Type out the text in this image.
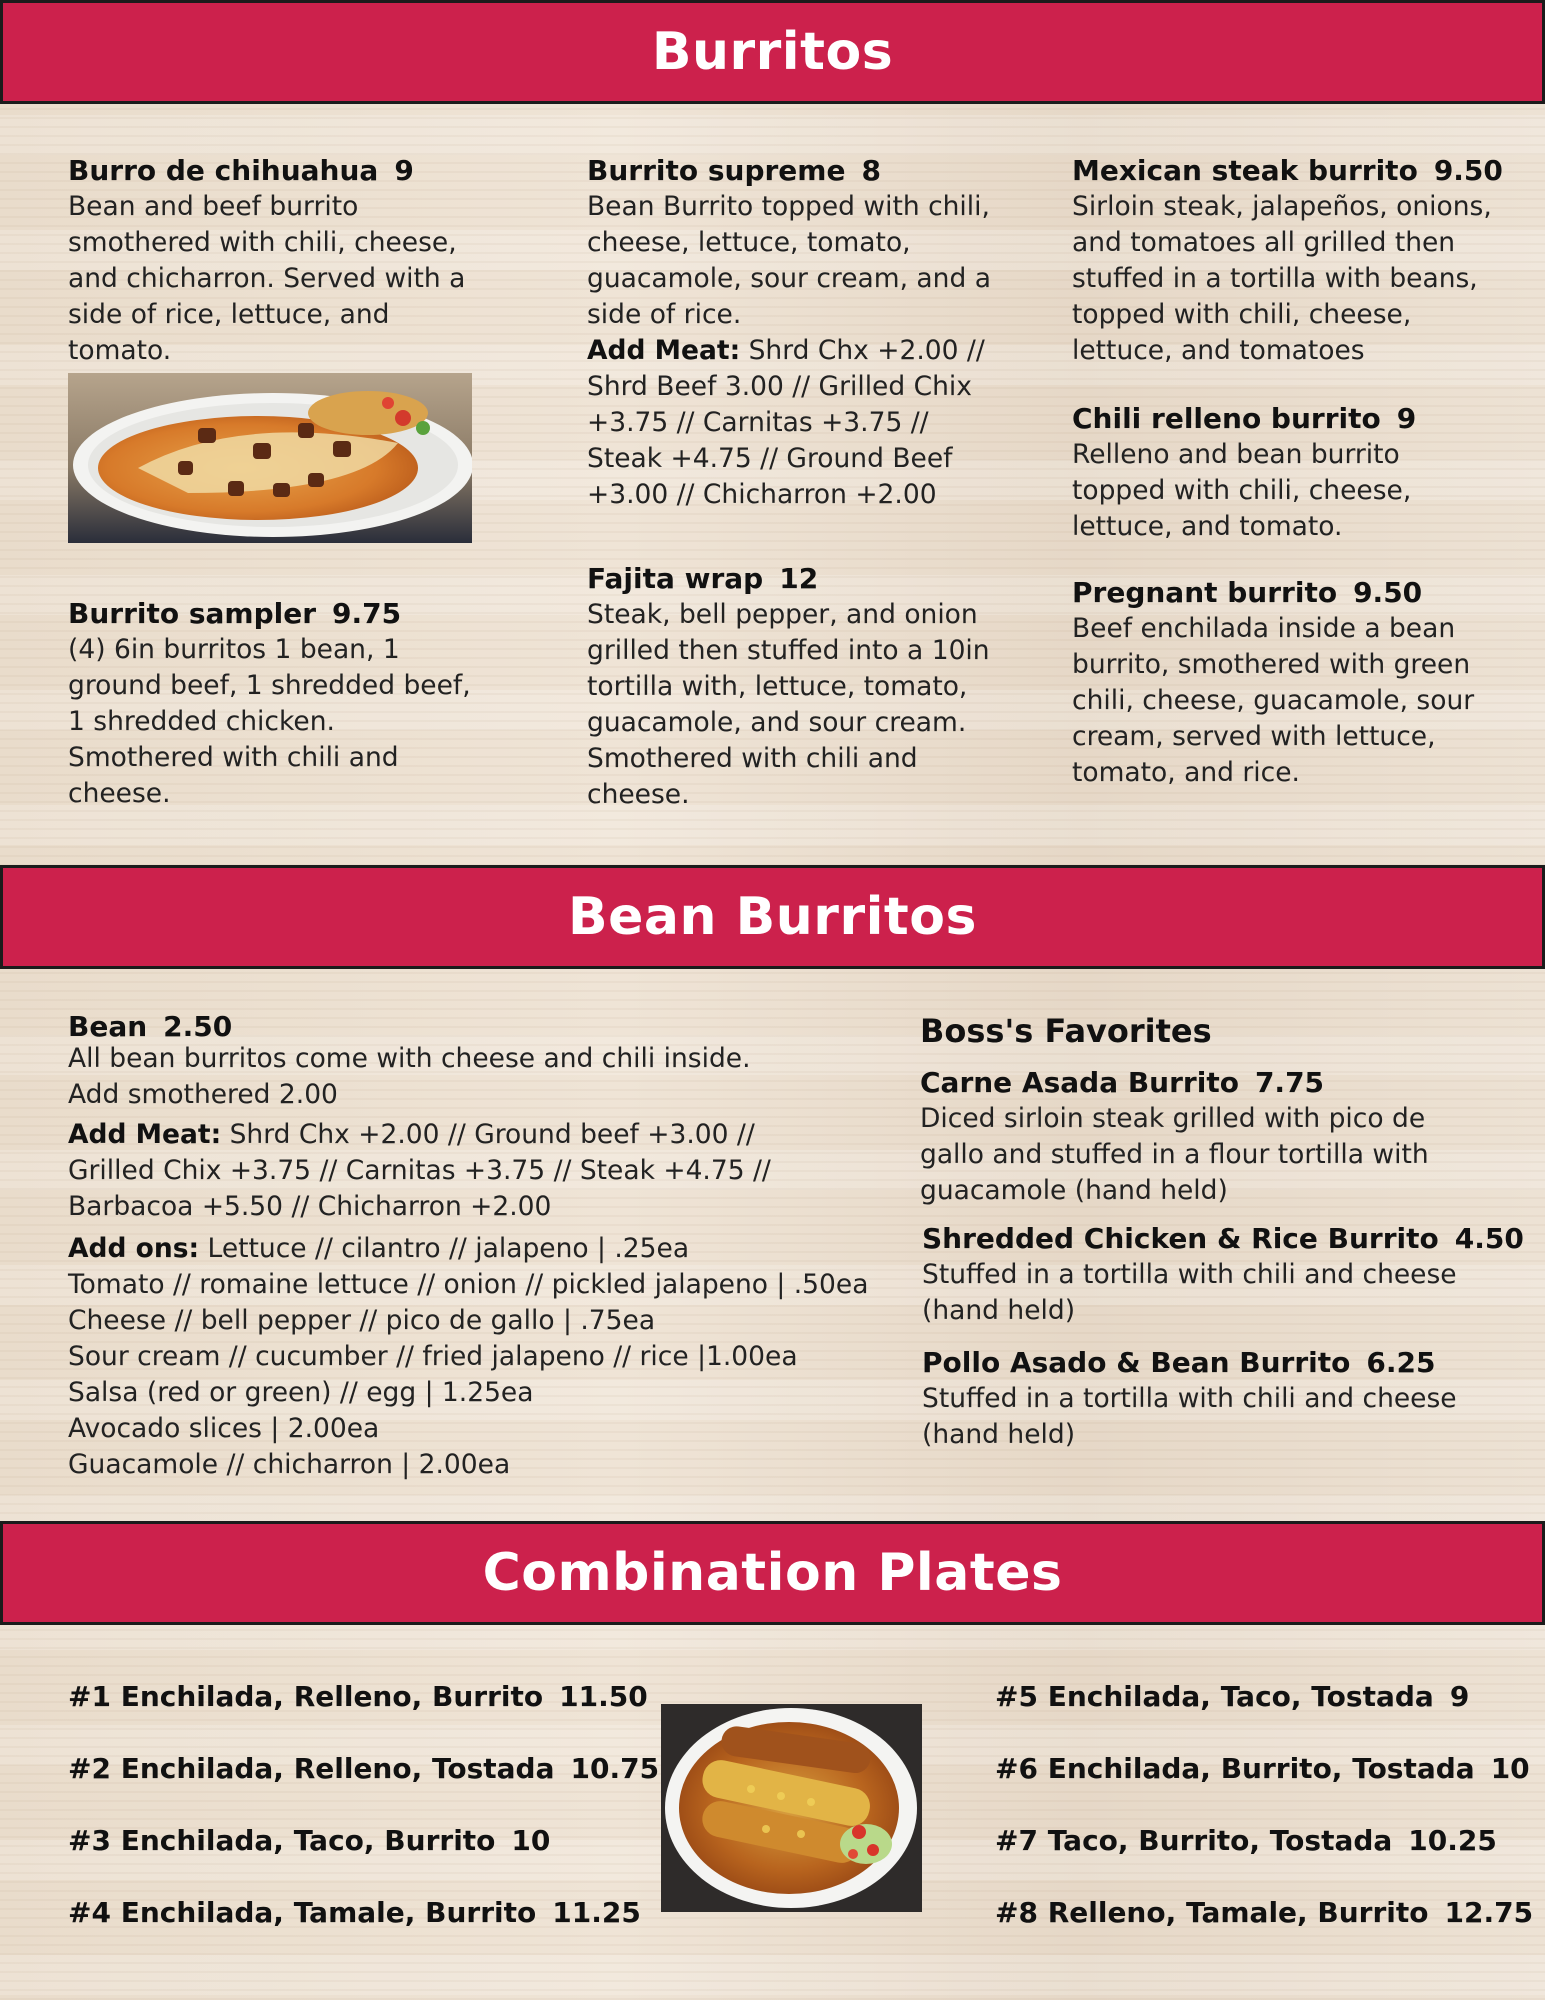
Burritos
Burro de chihuahua 9
Bean and beef burrito smothered with chili, cheese, and chicharron. Served with a side of rice, lettuce, and tomato.
Burrito sampler 9.75
(4) 6in burritos 1 bean, 1 ground beef, 1 shredded beef, 1 shredded chicken. Smothered with chili and cheese.
Burrito supreme 8
Bean Burrito topped with chili, cheese, lettuce, tomato, guacamole, sour cream, and a side of rice.
Add Meat: Shrd Chx +2.00 // Shrd Beef 3.00 // Grilled Chix +3.75 // Carnitas +3.75 // Steak +4.75 // Ground Beef +3.00 // Chicharron +2.00
Fajita wrap 12
Steak, bell pepper, and onion grilled then stuffed into a 10in tortilla with, lettuce, tomato, guacamole, and sour cream. Smothered with chili and cheese.
Mexican steak burrito 9.50
Sirloin steak, jalapeños, onions, and tomatoes all grilled then stuffed in a tortilla with beans, topped with chili, cheese, lettuce, and tomatoes
Chili relleno burrito 9
Relleno and bean burrito topped with chili, cheese, lettuce, and tomato.
Pregnant burrito 9.50
Beef enchilada inside a bean burrito, smothered with green chili, cheese, guacamole, sour cream, served with lettuce, tomato, and rice.
Bean Burritos
Bean 2.50
All bean burritos come with cheese and chili inside.
Add smothered 2.00
Add Meat: Shrd Chx +2.00 // Ground beef +3.00 // Grilled Chix +3.75 // Carnitas +3.75 // Steak +4.75 // Barbacoa +5.50 // Chicharron +2.00
Add ons: Lettuce // cilantro // jalapeno | .25ea
Tomato // romaine lettuce // onion // pickled jalapeno | .50ea
Cheese // bell pepper // pico de gallo | .75ea
Sour cream // cucumber // fried jalapeno // rice |1.00ea
Salsa (red or green) // egg | 1.25ea
Avocado slices | 2.00ea
Guacamole // chicharron | 2.00ea
Boss's Favorites
Carne Asada Burrito 7.75
Diced sirloin steak grilled with pico de gallo and stuffed in a flour tortilla with guacamole (hand held)
Shredded Chicken & Rice Burrito 4.50
Stuffed in a tortilla with chili and cheese (hand held)
Pollo Asado & Bean Burrito 6.25
Stuffed in a tortilla with chili and cheese (hand held)
Combination Plates
#1 Enchilada, Relleno, Burrito 11.50
#2 Enchilada, Relleno, Tostada 10.75
#3 Enchilada, Taco, Burrito 10
#4 Enchilada, Tamale, Burrito 11.25
#5 Enchilada, Taco, Tostada 9
#6 Enchilada, Burrito, Tostada 10
#7 Taco, Burrito, Tostada 10.25
#8 Relleno, Tamale, Burrito 12.75
